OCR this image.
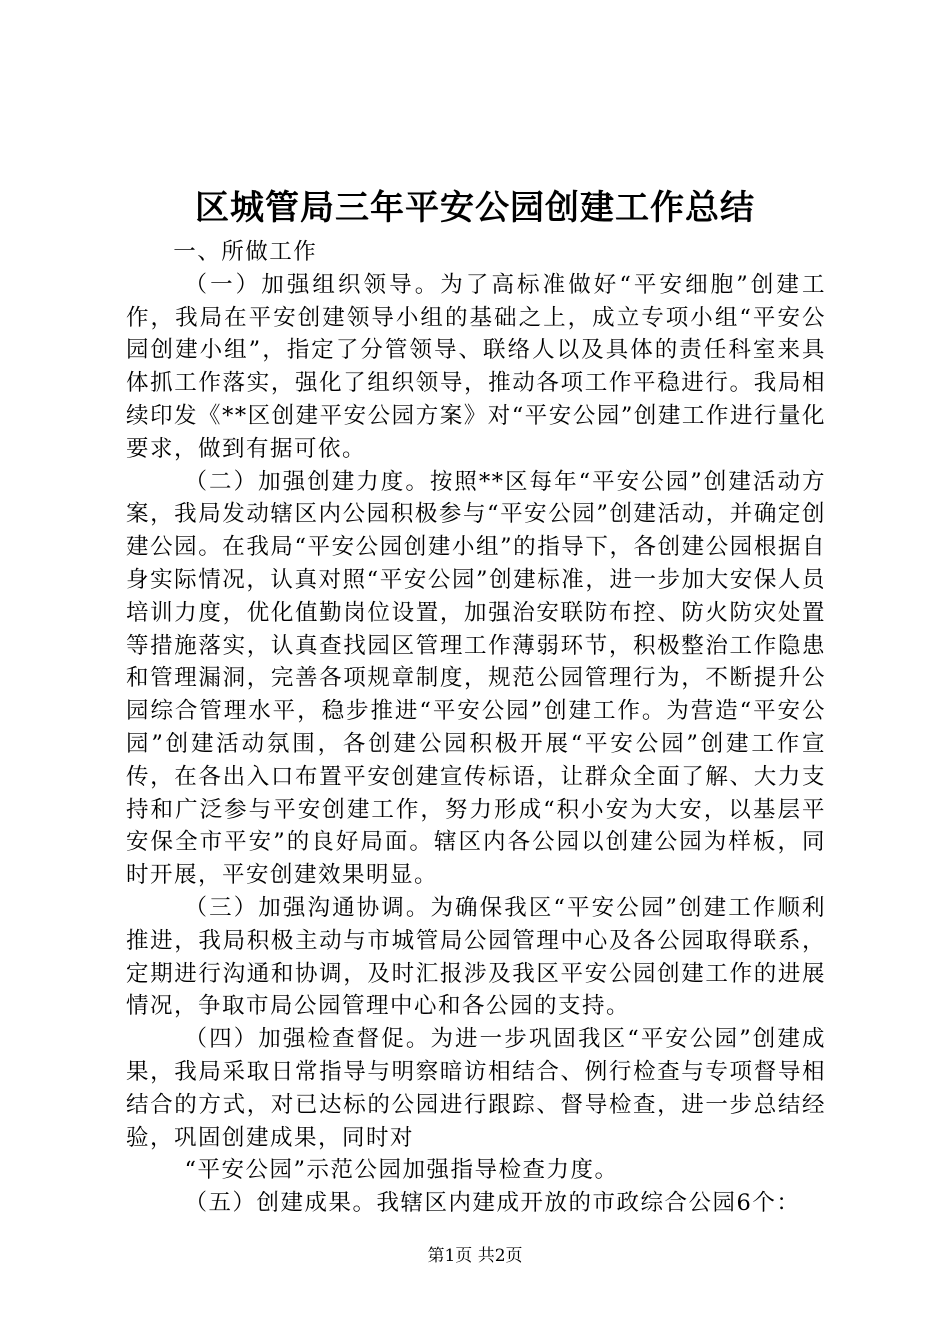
区城管局三年平安公园创建工作总结

一、所做工作

（一）加强组织领导。为了高标准做好“平安细胞”创建工作，我局在平安创建领导小组的基础之上，成立专项小组“平安公园创建小组”，指定了分管领导、联络人以及具体的责任科室来具体抓工作落实，强化了组织领导，推动各项工作平稳进行。我局相续印发《**区创建平安公园方案》对“平安公园”创建工作进行量化要求，做到有据可依。

（二）加强创建力度。按照**区每年“平安公园”创建活动方案，我局发动辖区内公园积极参与“平安公园”创建活动，并确定创建公园。在我局“平安公园创建小组”的指导下，各创建公园根据自身实际情况，认真对照“平安公园”创建标准，进一步加大安保人员培训力度，优化值勤岗位设置，加强治安联防布控、防火防灾处置等措施落实，认真查找园区管理工作薄弱环节，积极整治工作隐患和管理漏洞，完善各项规章制度，规范公园管理行为，不断提升公园综合管理水平，稳步推进“平安公园”创建工作。为营造“平安公园”创建活动氛围，各创建公园积极开展“平安公园”创建工作宣传，在各出入口布置平安创建宣传标语，让群众全面了解、大力支持和广泛参与平安创建工作，努力形成“积小安为大安，以基层平安保全市平安”的良好局面。辖区内各公园以创建公园为样板，同时开展，平安创建效果明显。

（三）加强沟通协调。为确保我区“平安公园”创建工作顺利推进，我局积极主动与市城管局公园管理中心及各公园取得联系，定期进行沟通和协调，及时汇报涉及我区平安公园创建工作的进展情况，争取市局公园管理中心和各公园的支持。

（四）加强检查督促。为进一步巩固我区“平安公园”创建成果，我局采取日常指导与明察暗访相结合、例行检查与专项督导相结合的方式，对已达标的公园进行跟踪、督导检查，进一步总结经验，巩固创建成果，同时对

“平安公园”示范公园加强指导检查力度。

（五）创建成果。我辖区内建成开放的市政综合公园6个：

第1页 共2页
